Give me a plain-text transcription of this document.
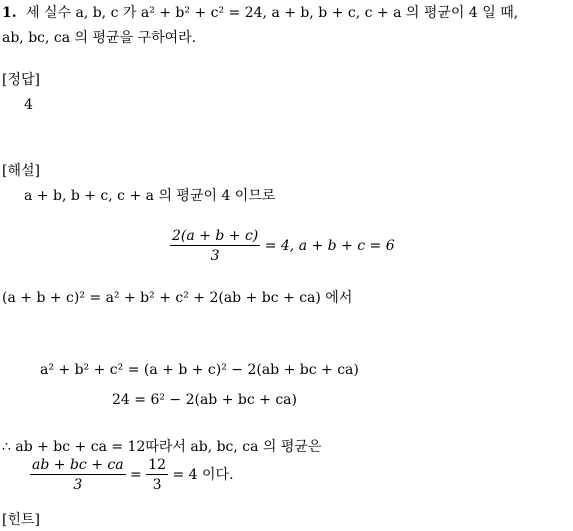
1. 세 실수 a, b, c 가 a² + b² + c² = 24, a + b, b + c, c + a 의 평균이 4 일 때,
ab, bc, ca 의 평균을 구하여라.
[정답]
4
[해설]
a + b, b + c, c + a 의 평균이 4 이므로
$\frac{2(a + b + c)}{3} = 4$, a + b + c = 6
(a + b + c)² = a² + b² + c² + 2(ab + bc + ca) 에서
a² + b² + c² = (a + b + c)² − 2(ab + bc + ca)
24 = 6² − 2(ab + bc + ca)
∴ ab + bc + ca = 12따라서 ab, bc, ca 의 평균은
$\frac{ab + bc + ca}{3} = \frac{12}{3} = 4$ 이다.
[힌트]
